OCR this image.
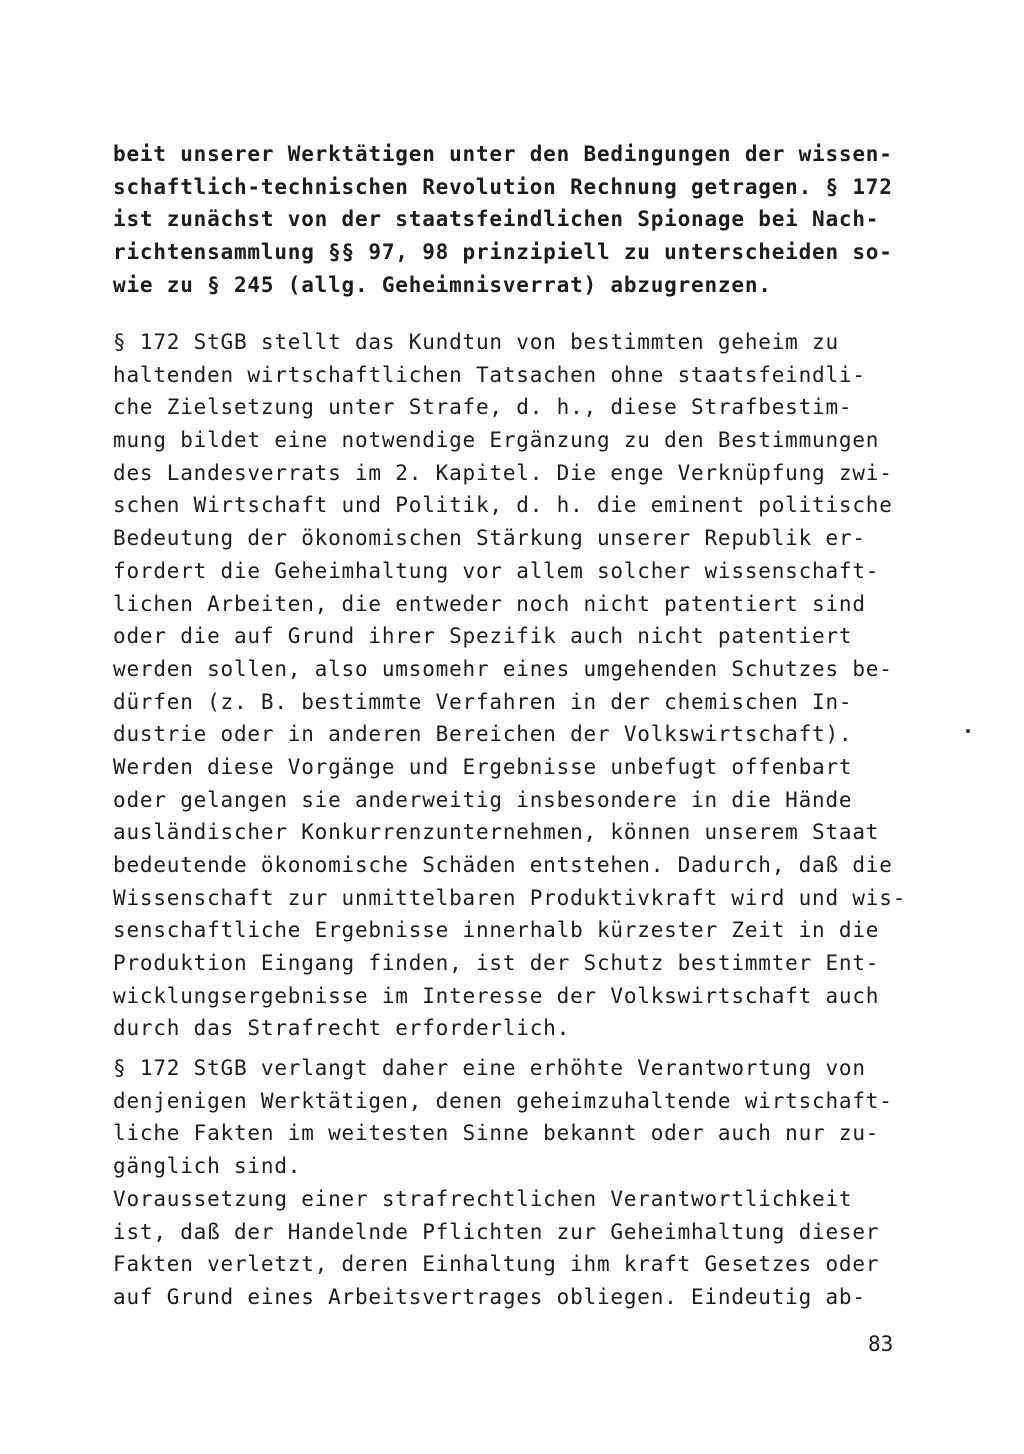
beit unserer Werktätigen unter den Bedingungen der wissen-
schaftlich-technischen Revolution Rechnung getragen. § 172
ist zunächst von der staatsfeindlichen Spionage bei Nach-
richtensammlung §§ 97, 98 prinzipiell zu unterscheiden so-
wie zu § 245 (allg. Geheimnisverrat) abzugrenzen.

§ 172 StGB stellt das Kundtun von bestimmten geheim zu
haltenden wirtschaftlichen Tatsachen ohne staatsfeindli-
che Zielsetzung unter Strafe, d. h., diese Strafbestim-
mung bildet eine notwendige Ergänzung zu den Bestimmungen
des Landesverrats im 2. Kapitel. Die enge Verknüpfung zwi-
schen Wirtschaft und Politik, d. h. die eminent politische
Bedeutung der ökonomischen Stärkung unserer Republik er-
fordert die Geheimhaltung vor allem solcher wissenschaft-
lichen Arbeiten, die entweder noch nicht patentiert sind
oder die auf Grund ihrer Spezifik auch nicht patentiert
werden sollen, also umsomehr eines umgehenden Schutzes be-
dürfen (z. B. bestimmte Verfahren in der chemischen In-
dustrie oder in anderen Bereichen der Volkswirtschaft).
Werden diese Vorgänge und Ergebnisse unbefugt offenbart
oder gelangen sie anderweitig insbesondere in die Hände
ausländischer Konkurrenzunternehmen, können unserem Staat
bedeutende ökonomische Schäden entstehen. Dadurch, daß die
Wissenschaft zur unmittelbaren Produktivkraft wird und wis-
senschaftliche Ergebnisse innerhalb kürzester Zeit in die
Produktion Eingang finden, ist der Schutz bestimmter Ent-
wicklungsergebnisse im Interesse der Volkswirtschaft auch
durch das Strafrecht erforderlich.

§ 172 StGB verlangt daher eine erhöhte Verantwortung von
denjenigen Werktätigen, denen geheimzuhaltende wirtschaft-
liche Fakten im weitesten Sinne bekannt oder auch nur zu-
gänglich sind.

Voraussetzung einer strafrechtlichen Verantwortlichkeit
ist, daß der Handelnde Pflichten zur Geheimhaltung dieser
Fakten verletzt, deren Einhaltung ihm kraft Gesetzes oder
auf Grund eines Arbeitsvertrages obliegen. Eindeutig ab-

83
